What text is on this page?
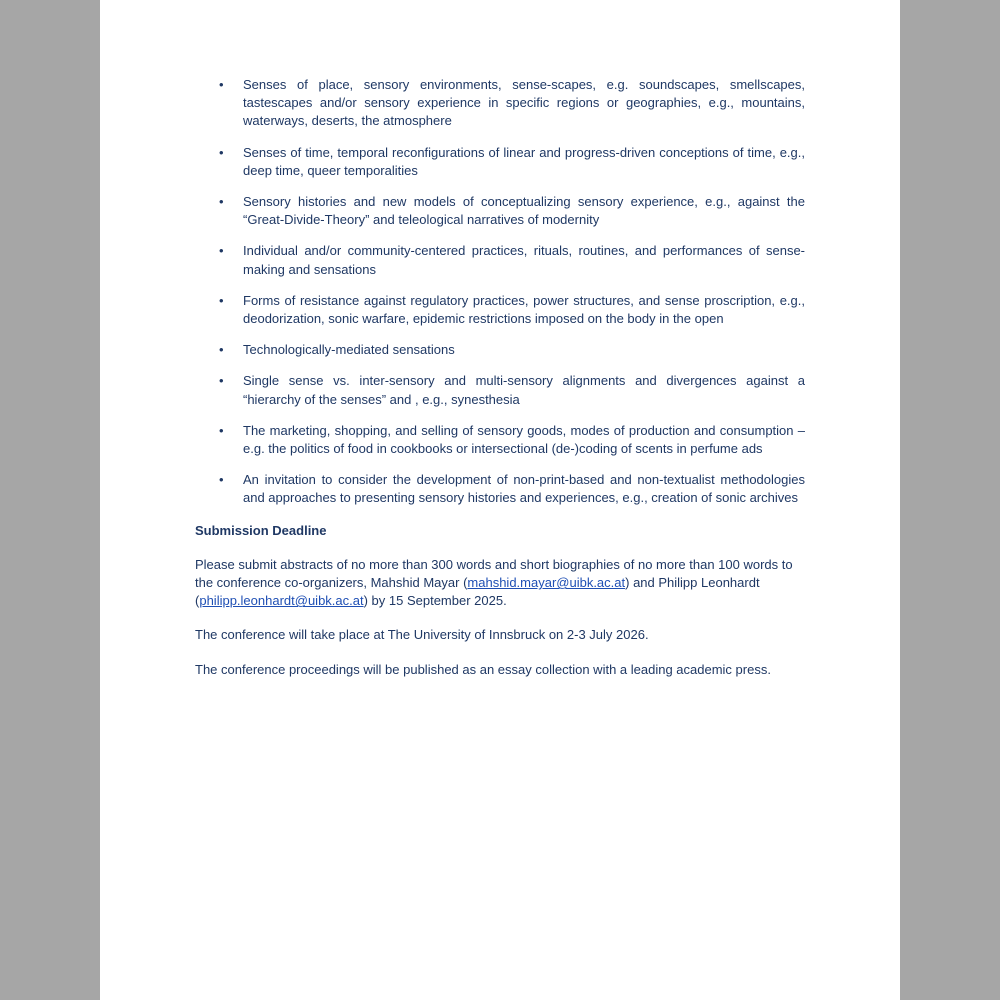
• Senses of place, sensory environments, sense-scapes, e.g. soundscapes, smellscapes, tastescapes and/or sensory experience in specific regions or geographies, e.g., mountains, waterways, deserts, the atmosphere
• Senses of time, temporal reconfigurations of linear and progress-driven conceptions of time, e.g., deep time, queer temporalities
• Sensory histories and new models of conceptualizing sensory experience, e.g., against the “Great-Divide-Theory” and teleological narratives of modernity
• Individual and/or community-centered practices, rituals, routines, and performances of sense-making and sensations
• Forms of resistance against regulatory practices, power structures, and sense proscription, e.g., deodorization, sonic warfare, epidemic restrictions imposed on the body in the open
• Technologically-mediated sensations
• Single sense vs. inter-sensory and multi-sensory alignments and divergences against a “hierarchy of the senses” and , e.g., synesthesia
• The marketing, shopping, and selling of sensory goods, modes of production and consumption – e.g. the politics of food in cookbooks or intersectional (de-)coding of scents in perfume ads
• An invitation to consider the development of non-print-based and non-textualist methodologies and approaches to presenting sensory histories and experiences, e.g., creation of sonic archives
Submission Deadline

Please submit abstracts of no more than 300 words and short biographies of no more than 100 words to the conference co-organizers, Mahshid Mayar (mahshid.mayar@uibk.ac.at) and Philipp Leonhardt (philipp.leonhardt@uibk.ac.at) by 15 September 2025.

The conference will take place at The University of Innsbruck on 2-3 July 2026.

The conference proceedings will be published as an essay collection with a leading academic press.
